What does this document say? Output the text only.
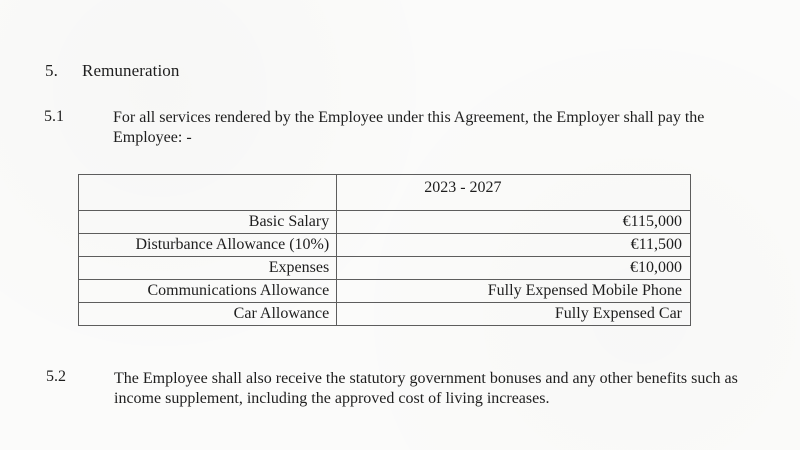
5. Remuneration
5.1	For all services rendered by the Employee under this Agreement, the Employer shall pay the Employee: -
	2023 - 2027
Basic Salary	€115,000
Disturbance Allowance (10%)	€11,500
Expenses	€10,000
Communications Allowance	Fully Expensed Mobile Phone
Car Allowance	Fully Expensed Car
5.2	The Employee shall also receive the statutory government bonuses and any other benefits such as income supplement, including the approved cost of living increases.
